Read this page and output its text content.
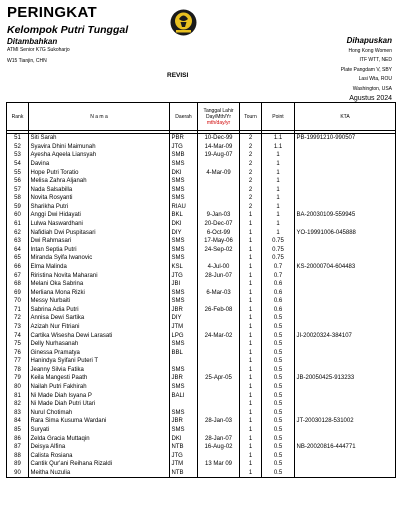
PERINGKAT
Kelompok Putri Tunggal
Ditambahkan
ATMI Senior K7G Sukoharjo
W15 Tianjin, CHN
Dihapuskan
Hong Kong Women
ITF WTT, NED
Plate Pangdam V, SBY
Lasi Wta, ROU
Washington, USA
Agustus 2024
REVISI
Rank	N a m a	Daerah	Tanggal Lahir Day/Mth/Yr
mth/day/yr	Tourn	Point	KTA

51	Siti Sarah	PBR	10-Dec-99	2	1.1	PB-19991210-990507
52	Syavira Dhini Maimunah	JTG	14-Mar-09	2	1.1	
53	Ayesha Aqeela Liansyah	SMB	19-Aug-07	2	1	
54	Davina	SMS		2	1	
55	Hope Putri Toratio	DKI	4-Mar-09	2	1	
56	Melisa Zahra Aljanah	SMS		2	1	
57	Nada Salsabilla	SMS		2	1	
58	Novita Rosyanti	SMS		2	1	
59	Sharikha Putri	RIAU		2	1	
60	Anggi Dwi Hidayati	BKL	9-Jan-03	1	1	BA-20030109-559945
61	Lulwa Naswardhani	DKI	20-Dec-07	1	1	
62	Nafidiah Dwi Puspitasari	DIY	6-Oct-99	1	1	YO-19991006-045888
63	Dwi Rahmasari	SMS	17-May-06	1	0.75	
64	Intan Septia Putri	SMS	24-Sep-02	1	0.75	
65	Miranda Syifa Iwanovic	SMS		1	0.75	
66	Elma Malinda	KSL	4-Jul-00	1	0.7	KS-20000704-604483
67	Riristina Novita Maharani	JTG	28-Jun-07	1	0.7	
68	Melani Oka Sabrina	JBI		1	0.6	
69	Merliana Mona Rizki	SMS	6-Mar-03	1	0.6	
70	Messy Nurbaiti	SMS		1	0.6	
71	Sabrina Adia Putri	JBR	26-Feb-08	1	0.6	
72	Annisa Dewi Sartika	DIY		1	0.5	
73	Azizah Nur Fitriani	JTM		1	0.5	
74	Cartika Wisesha Dewi Larasati	LPG	24-Mar-02	1	0.5	JI-20020324-384107
75	Delly Nurhasanah	SMS		1	0.5	
76	Ginessa Pramatya	BBL		1	0.5	
77	Hanindya Syifani Puteri T			1	0.5	
78	Jeanny Silvia Fatika	SMS		1	0.5	
79	Keila Mangesti Paath	JBR	25-Apr-05	1	0.5	JB-20050425-913233
80	Nailah Putri Fakhirah	SMS		1	0.5	
81	Ni Made Diah Isyana P	BALI		1	0.5	
82	Ni Made Diah Putri Utari			1	0.5	
83	Nurul Chotimah	SMS		1	0.5	
84	Rara Sima Kusuma Wardani	JBR	28-Jan-03	1	0.5	JT-20030128-531002
85	Suryati	SMS		1	0.5	
86	Zelda Gracia Muttaqin	DKI	28-Jan-07	1	0.5	
87	Deisya Alfina	NTB	16-Aug-02	1	0.5	NB-20020816-444771
88	Calista Rosiana	JTG		1	0.5	
89	Cantik Qur'ani Reihana Rizaldi	JTM	13 Mar 09	1	0.5	
90	Meitha Nuzulia	NTB		1	0.5	
